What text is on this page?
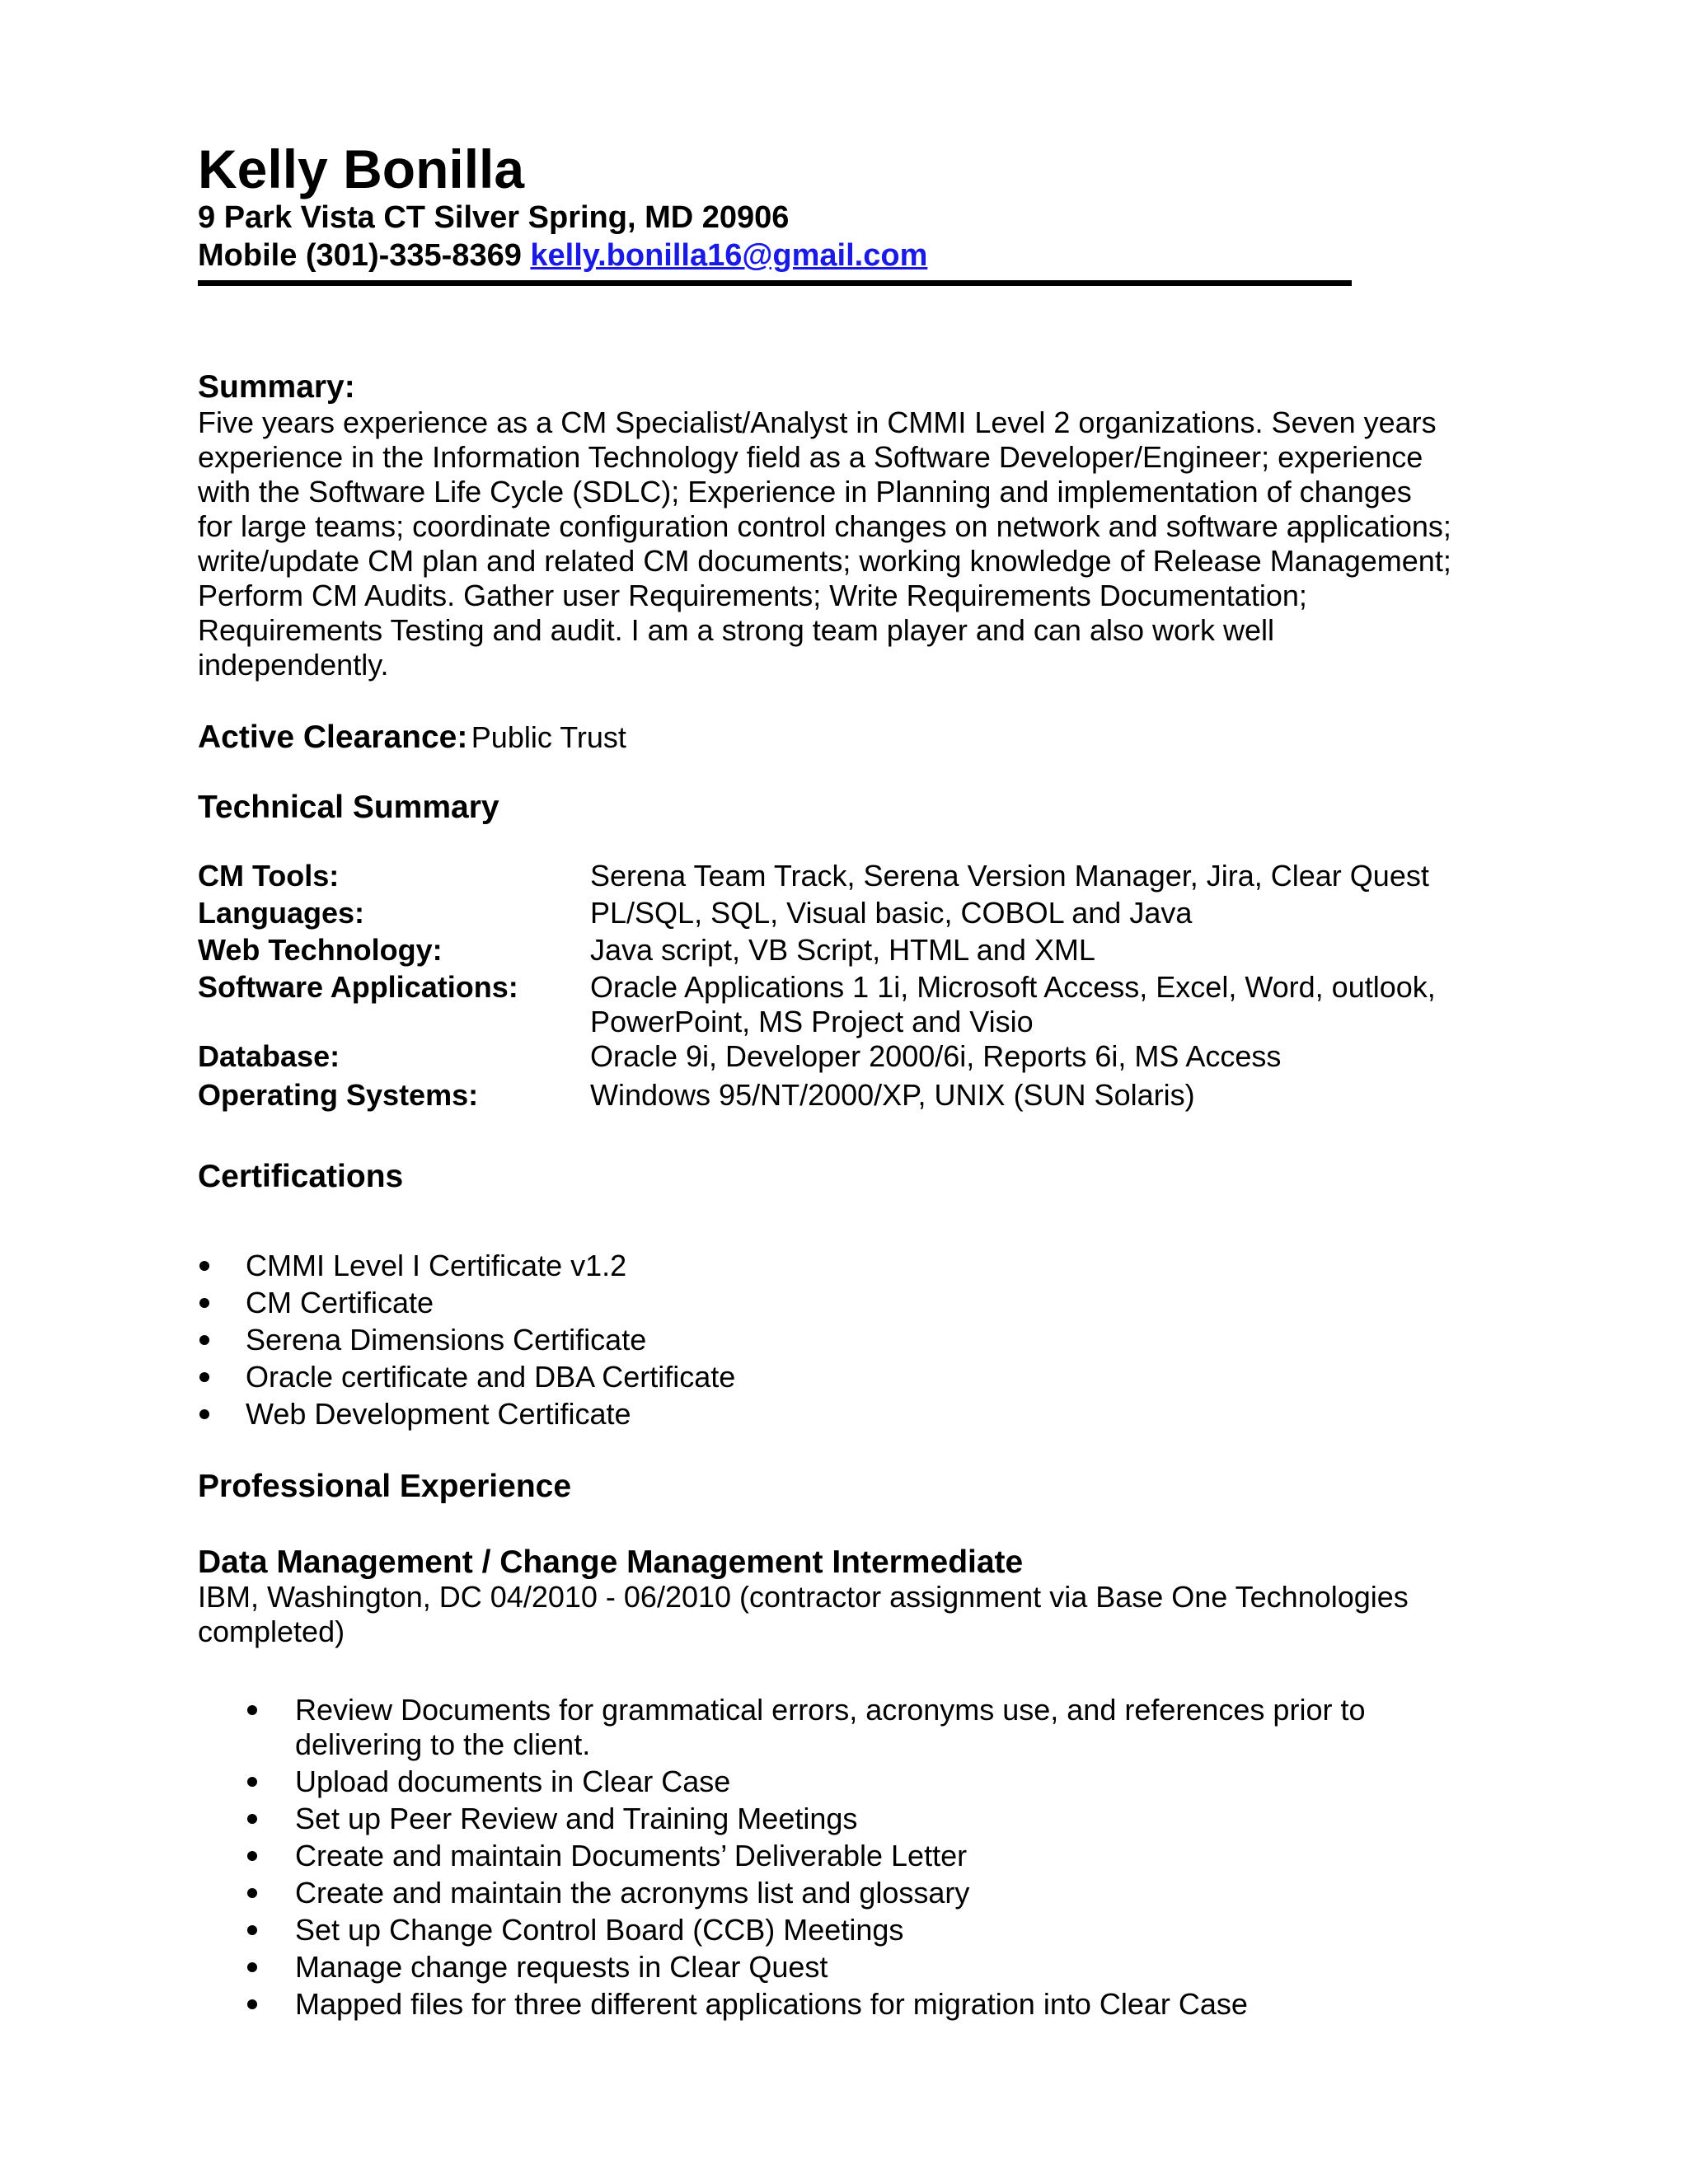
Kelly Bonilla
9 Park Vista CT Silver Spring, MD 20906
Mobile (301)-335-8369 kelly.bonilla16@gmail.com
Summary:
Five years experience as a CM Specialist/Analyst in CMMI Level 2 organizations. Seven years
experience in the Information Technology field as a Software Developer/Engineer; experience
with the Software Life Cycle (SDLC); Experience in Planning and implementation of changes
for large teams; coordinate configuration control changes on network and software applications;
write/update CM plan and related CM documents; working knowledge of Release Management;
Perform CM Audits. Gather user Requirements; Write Requirements Documentation;
Requirements Testing and audit. I am a strong team player and can also work well
independently.
Active Clearance: Public Trust
Technical Summary
CM Tools:	Serena Team Track, Serena Version Manager, Jira, Clear Quest
Languages:	PL/SQL, SQL, Visual basic, COBOL and Java
Web Technology:	Java script, VB Script, HTML and XML
Software Applications: Oracle Applications 1 1i, Microsoft Access, Excel, Word, outlook,
PowerPoint, MS Project and Visio
Database:	Oracle 9i, Developer 2000/6i, Reports 6i, MS Access
Operating Systems:	Windows 95/NT/2000/XP, UNIX (SUN Solaris)
Certifications
CMMI Level I Certificate v1.2
CM Certificate
Serena Dimensions Certificate
Oracle certificate and DBA Certificate
Web Development Certificate
Professional Experience
Data Management / Change Management Intermediate
IBM, Washington, DC 04/2010 - 06/2010 (contractor assignment via Base One Technologies
completed)
Review Documents for grammatical errors, acronyms use, and references prior to
delivering to the client.
Upload documents in Clear Case
Set up Peer Review and Training Meetings
Create and maintain Documents’ Deliverable Letter
Create and maintain the acronyms list and glossary
Set up Change Control Board (CCB) Meetings
Manage change requests in Clear Quest
Mapped files for three different applications for migration into Clear Case
